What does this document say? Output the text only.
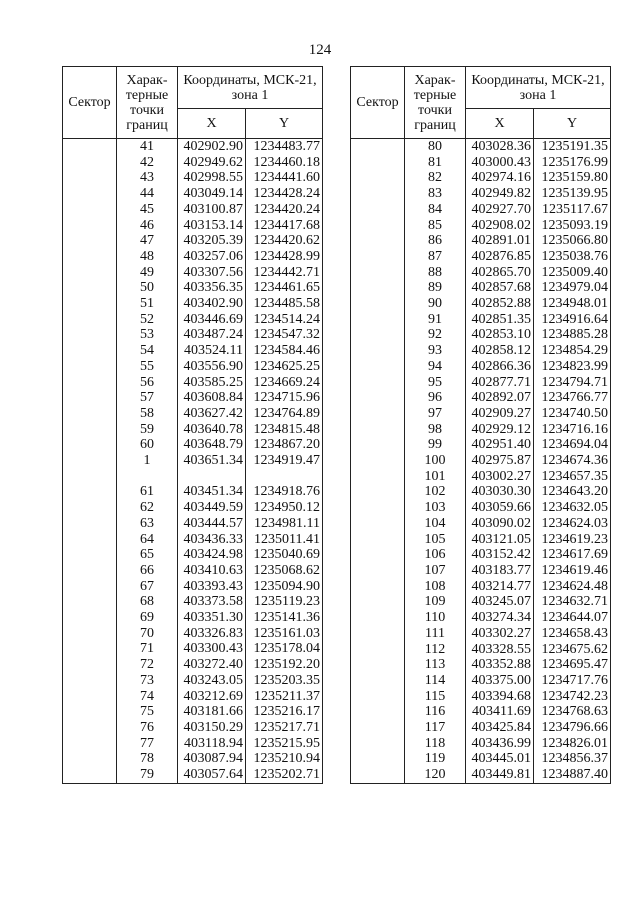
124
Сектор	Харак-терные точки границ	Координаты, МСК-21, зона 1	
		X	Y
	41	402902.90	1234483.77
	42	402949.62	1234460.18
	43	402998.55	1234441.60
	44	403049.14	1234428.24
	45	403100.87	1234420.24
	46	403153.14	1234417.68
	47	403205.39	1234420.62
	48	403257.06	1234428.99
	49	403307.56	1234442.71
	50	403356.35	1234461.65
	51	403402.90	1234485.58
	52	403446.69	1234514.24
	53	403487.24	1234547.32
	54	403524.11	1234584.46
	55	403556.90	1234625.25
	56	403585.25	1234669.24
	57	403608.84	1234715.96
	58	403627.42	1234764.89
	59	403640.78	1234815.48
	60	403648.79	1234867.20
	1	403651.34	1234919.47

	61	403451.34	1234918.76
	62	403449.59	1234950.12
	63	403444.57	1234981.11
	64	403436.33	1235011.41
	65	403424.98	1235040.69
	66	403410.63	1235068.62
	67	403393.43	1235094.90
	68	403373.58	1235119.23
	69	403351.30	1235141.36
	70	403326.83	1235161.03
	71	403300.43	1235178.04
	72	403272.40	1235192.20
	73	403243.05	1235203.35
	74	403212.69	1235211.37
	75	403181.66	1235216.17
	76	403150.29	1235217.71
	77	403118.94	1235215.95
	78	403087.94	1235210.94
	79	403057.64	1235202.71
Сектор	Харак-терные точки границ	Координаты, МСК-21, зона 1	
		X	Y
	80	403028.36	1235191.35
	81	403000.43	1235176.99
	82	402974.16	1235159.80
	83	402949.82	1235139.95
	84	402927.70	1235117.67
	85	402908.02	1235093.19
	86	402891.01	1235066.80
	87	402876.85	1235038.76
	88	402865.70	1235009.40
	89	402857.68	1234979.04
	90	402852.88	1234948.01
	91	402851.35	1234916.64
	92	402853.10	1234885.28
	93	402858.12	1234854.29
	94	402866.36	1234823.99
	95	402877.71	1234794.71
	96	402892.07	1234766.77
	97	402909.27	1234740.50
	98	402929.12	1234716.16
	99	402951.40	1234694.04
	100	402975.87	1234674.36
	101	403002.27	1234657.35
	102	403030.30	1234643.20
	103	403059.66	1234632.05
	104	403090.02	1234624.03
	105	403121.05	1234619.23
	106	403152.42	1234617.69
	107	403183.77	1234619.46
	108	403214.77	1234624.48
	109	403245.07	1234632.71
	110	403274.34	1234644.07
	111	403302.27	1234658.43
	112	403328.55	1234675.62
	113	403352.88	1234695.47
	114	403375.00	1234717.76
	115	403394.68	1234742.23
	116	403411.69	1234768.63
	117	403425.84	1234796.66
	118	403436.99	1234826.01
	119	403445.01	1234856.37
	120	403449.81	1234887.40
